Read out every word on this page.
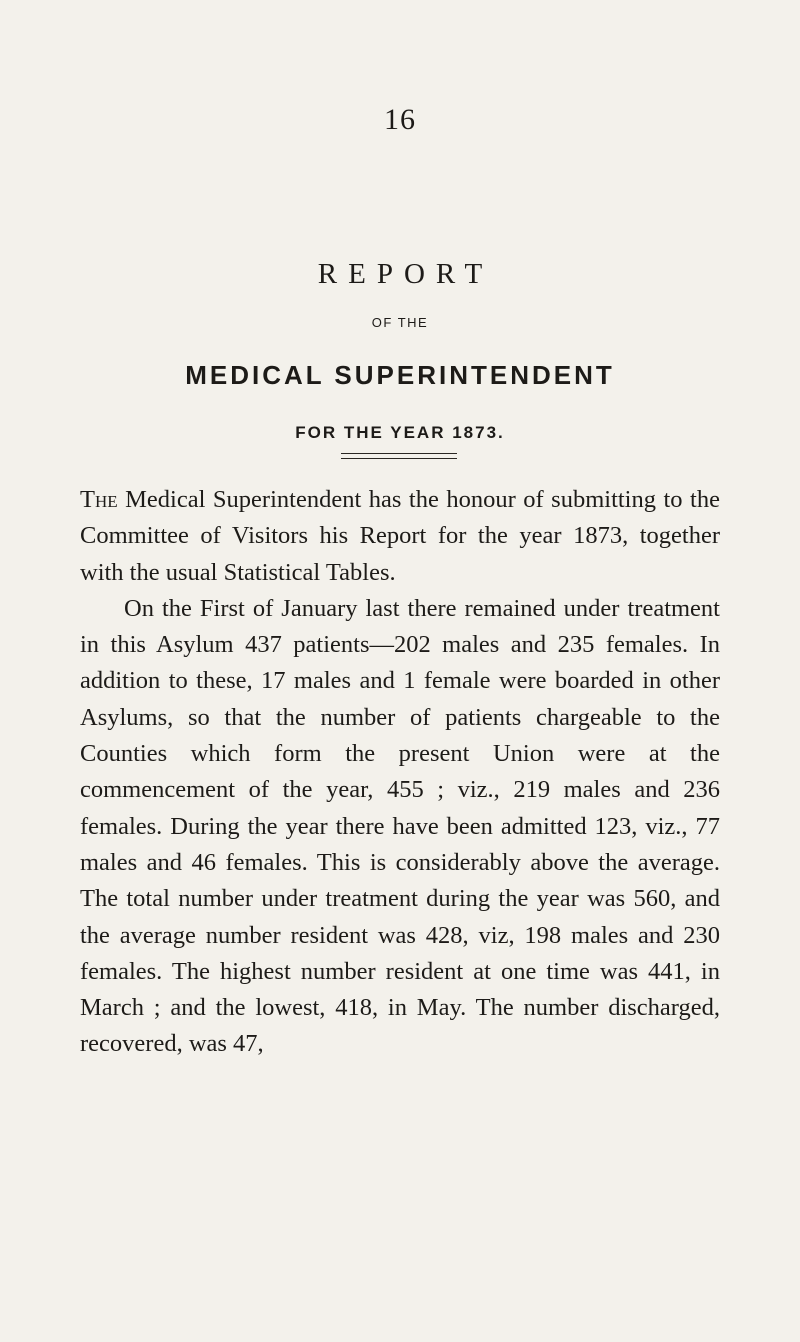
16
REPORT
OF THE
MEDICAL SUPERINTENDENT
FOR THE YEAR 1873.

The Medical Superintendent has the honour of submitting to the Committee of Visitors his Report for the year 1873, together with the usual Statistical Tables.

On the First of January last there remained under treatment in this Asylum 437 patients—202 males and 235 females. In addition to these, 17 males and 1 female were boarded in other Asylums, so that the number of patients chargeable to the Counties which form the present Union were at the commencement of the year, 455 ; viz., 219 males and 236 females. During the year there have been admitted 123, viz., 77 males and 46 females. This is considerably above the average. The total number under treatment during the year was 560, and the average number resident was 428, viz, 198 males and 230 females. The highest number resident at one time was 441, in March ; and the lowest, 418, in May. The number discharged, recovered, was 47,
